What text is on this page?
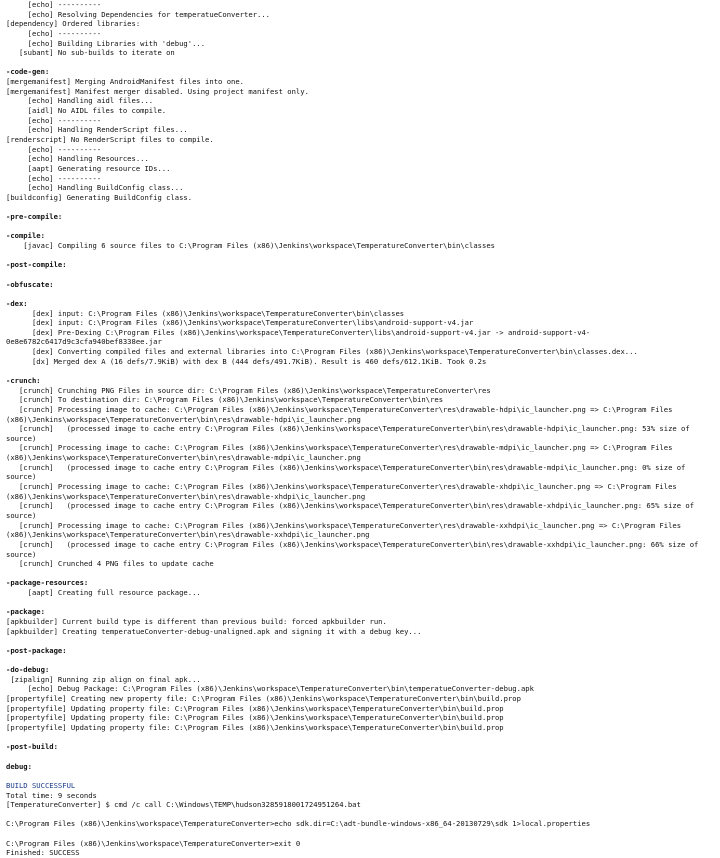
[echo] ----------
[echo] Resolving Dependencies for temperatueConverter...
[dependency] Ordered libraries:
[echo] ----------
[echo] Building Libraries with 'debug'...
[subant] No sub-builds to iterate on
-code-gen:
[mergemanifest] Merging AndroidManifest files into one.
[mergemanifest] Manifest merger disabled. Using project manifest only.
[echo] Handling aidl files...
[aidl] No AIDL files to compile.
[echo] ----------
[echo] Handling RenderScript files...
[renderscript] No RenderScript files to compile.
[echo] ----------
[echo] Handling Resources...
[aapt] Generating resource IDs...
[echo] ----------
[echo] Handling BuildConfig class...
[buildconfig] Generating BuildConfig class.
-pre-compile:
-compile:
[javac] Compiling 6 source files to C:\Program Files (x86)\Jenkins\workspace\TemperatureConverter\bin\classes
-post-compile:
-obfuscate:
-dex:
[dex] input: C:\Program Files (x86)\Jenkins\workspace\TemperatureConverter\bin\classes
[dex] input: C:\Program Files (x86)\Jenkins\workspace\TemperatureConverter\libs\android-support-v4.jar
[dex] Pre-Dexing C:\Program Files (x86)\Jenkins\workspace\TemperatureConverter\libs\android-support-v4.jar -> android-support-v4-
0e8e6782c6417d9c3cfa940bef8338ee.jar
[dex] Converting compiled files and external libraries into C:\Program Files (x86)\Jenkins\workspace\TemperatureConverter\bin\classes.dex...
[dx] Merged dex A (16 defs/7.9KiB) with dex B (444 defs/491.7KiB). Result is 460 defs/612.1KiB. Took 0.2s
-crunch:
[crunch] Crunching PNG Files in source dir: C:\Program Files (x86)\Jenkins\workspace\TemperatureConverter\res
[crunch] To destination dir: C:\Program Files (x86)\Jenkins\workspace\TemperatureConverter\bin\res
[crunch] Processing image to cache: C:\Program Files (x86)\Jenkins\workspace\TemperatureConverter\res\drawable-hdpi\ic_launcher.png => C:\Program Files
(x86)\Jenkins\workspace\TemperatureConverter\bin\res\drawable-hdpi\ic_launcher.png
[crunch]   (processed image to cache entry C:\Program Files (x86)\Jenkins\workspace\TemperatureConverter\bin\res\drawable-hdpi\ic_launcher.png: 53% size of
source)
[crunch] Processing image to cache: C:\Program Files (x86)\Jenkins\workspace\TemperatureConverter\res\drawable-mdpi\ic_launcher.png => C:\Program Files
(x86)\Jenkins\workspace\TemperatureConverter\bin\res\drawable-mdpi\ic_launcher.png
[crunch]   (processed image to cache entry C:\Program Files (x86)\Jenkins\workspace\TemperatureConverter\bin\res\drawable-mdpi\ic_launcher.png: 0% size of
source)
[crunch] Processing image to cache: C:\Program Files (x86)\Jenkins\workspace\TemperatureConverter\res\drawable-xhdpi\ic_launcher.png => C:\Program Files
(x86)\Jenkins\workspace\TemperatureConverter\bin\res\drawable-xhdpi\ic_launcher.png
[crunch]   (processed image to cache entry C:\Program Files (x86)\Jenkins\workspace\TemperatureConverter\bin\res\drawable-xhdpi\ic_launcher.png: 65% size of
source)
[crunch] Processing image to cache: C:\Program Files (x86)\Jenkins\workspace\TemperatureConverter\res\drawable-xxhdpi\ic_launcher.png => C:\Program Files
(x86)\Jenkins\workspace\TemperatureConverter\bin\res\drawable-xxhdpi\ic_launcher.png
[crunch]   (processed image to cache entry C:\Program Files (x86)\Jenkins\workspace\TemperatureConverter\bin\res\drawable-xxhdpi\ic_launcher.png: 66% size of
source)
[crunch] Crunched 4 PNG files to update cache
-package-resources:
[aapt] Creating full resource package...
-package:
[apkbuilder] Current build type is different than previous build: forced apkbuilder run.
[apkbuilder] Creating temperatueConverter-debug-unaligned.apk and signing it with a debug key...
-post-package:
-do-debug:
[zipalign] Running zip align on final apk...
[echo] Debug Package: C:\Program Files (x86)\Jenkins\workspace\TemperatureConverter\bin\temperatueConverter-debug.apk
[propertyfile] Creating new property file: C:\Program Files (x86)\Jenkins\workspace\TemperatureConverter\bin\build.prop
[propertyfile] Updating property file: C:\Program Files (x86)\Jenkins\workspace\TemperatureConverter\bin\build.prop
[propertyfile] Updating property file: C:\Program Files (x86)\Jenkins\workspace\TemperatureConverter\bin\build.prop
[propertyfile] Updating property file: C:\Program Files (x86)\Jenkins\workspace\TemperatureConverter\bin\build.prop
-post-build:
debug:
BUILD SUCCESSFUL
Total time: 9 seconds
[TemperatureConverter] $ cmd /c call C:\Windows\TEMP\hudson3285918001724951264.bat
C:\Program Files (x86)\Jenkins\workspace\TemperatureConverter>echo sdk.dir=C:\adt-bundle-windows-x86_64-20130729\sdk 1>local.properties
C:\Program Files (x86)\Jenkins\workspace\TemperatureConverter>exit 0
Finished: SUCCESS
